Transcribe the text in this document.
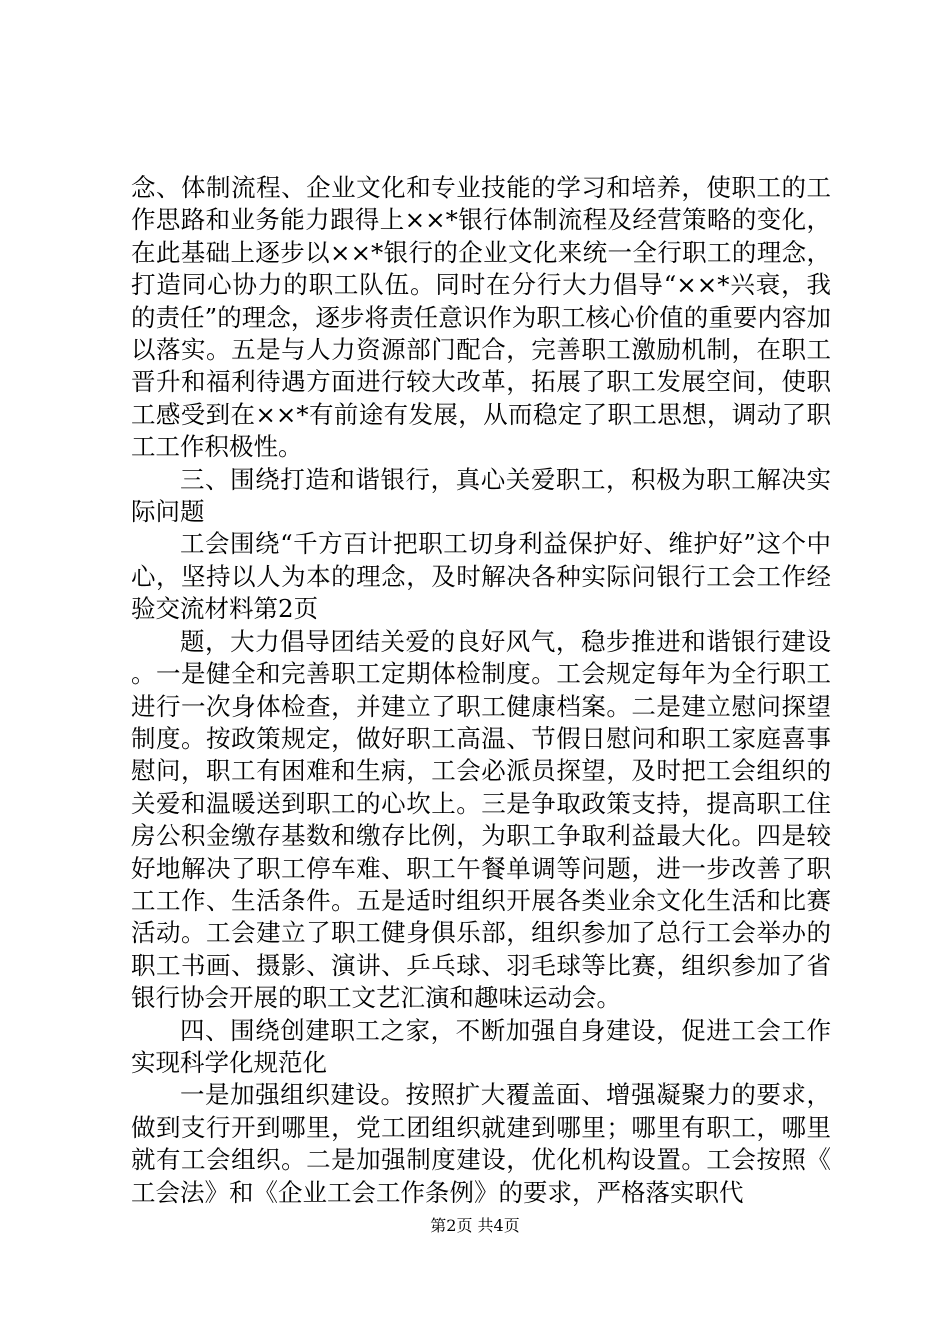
念、体制流程、企业文化和专业技能的学习和培养，使职工的工作思路和业务能力跟得上××*银行体制流程及经营策略的变化，在此基础上逐步以××*银行的企业文化来统一全行职工的理念，打造同心协力的职工队伍。同时在分行大力倡导“××*兴衰，我的责任”的理念，逐步将责任意识作为职工核心价值的重要内容加以落实。五是与人力资源部门配合，完善职工激励机制，在职工晋升和福利待遇方面进行较大改革，拓展了职工发展空间，使职工感受到在××*有前途有发展，从而稳定了职工思想，调动了职工工作积极性。

三、围绕打造和谐银行，真心关爱职工，积极为职工解决实际问题

工会围绕“千方百计把职工切身利益保护好、维护好”这个中心，坚持以人为本的理念，及时解决各种实际问银行工会工作经验交流材料第2页

题，大力倡导团结关爱的良好风气，稳步推进和谐银行建设。一是健全和完善职工定期体检制度。工会规定每年为全行职工进行一次身体检查，并建立了职工健康档案。二是建立慰问探望制度。按政策规定，做好职工高温、节假日慰问和职工家庭喜事慰问，职工有困难和生病，工会必派员探望，及时把工会组织的关爱和温暖送到职工的心坎上。三是争取政策支持，提高职工住房公积金缴存基数和缴存比例，为职工争取利益最大化。四是较好地解决了职工停车难、职工午餐单调等问题，进一步改善了职工工作、生活条件。五是适时组织开展各类业余文化生活和比赛活动。工会建立了职工健身俱乐部，组织参加了总行工会举办的职工书画、摄影、演讲、乒乓球、羽毛球等比赛，组织参加了省银行协会开展的职工文艺汇演和趣味运动会。

四、围绕创建职工之家，不断加强自身建设，促进工会工作实现科学化规范化

一是加强组织建设。按照扩大覆盖面、增强凝聚力的要求，做到支行开到哪里，党工团组织就建到哪里；哪里有职工，哪里就有工会组织。二是加强制度建设，优化机构设置。工会按照《工会法》和《企业工会工作条例》的要求，严格落实职代

第2页 共4页
